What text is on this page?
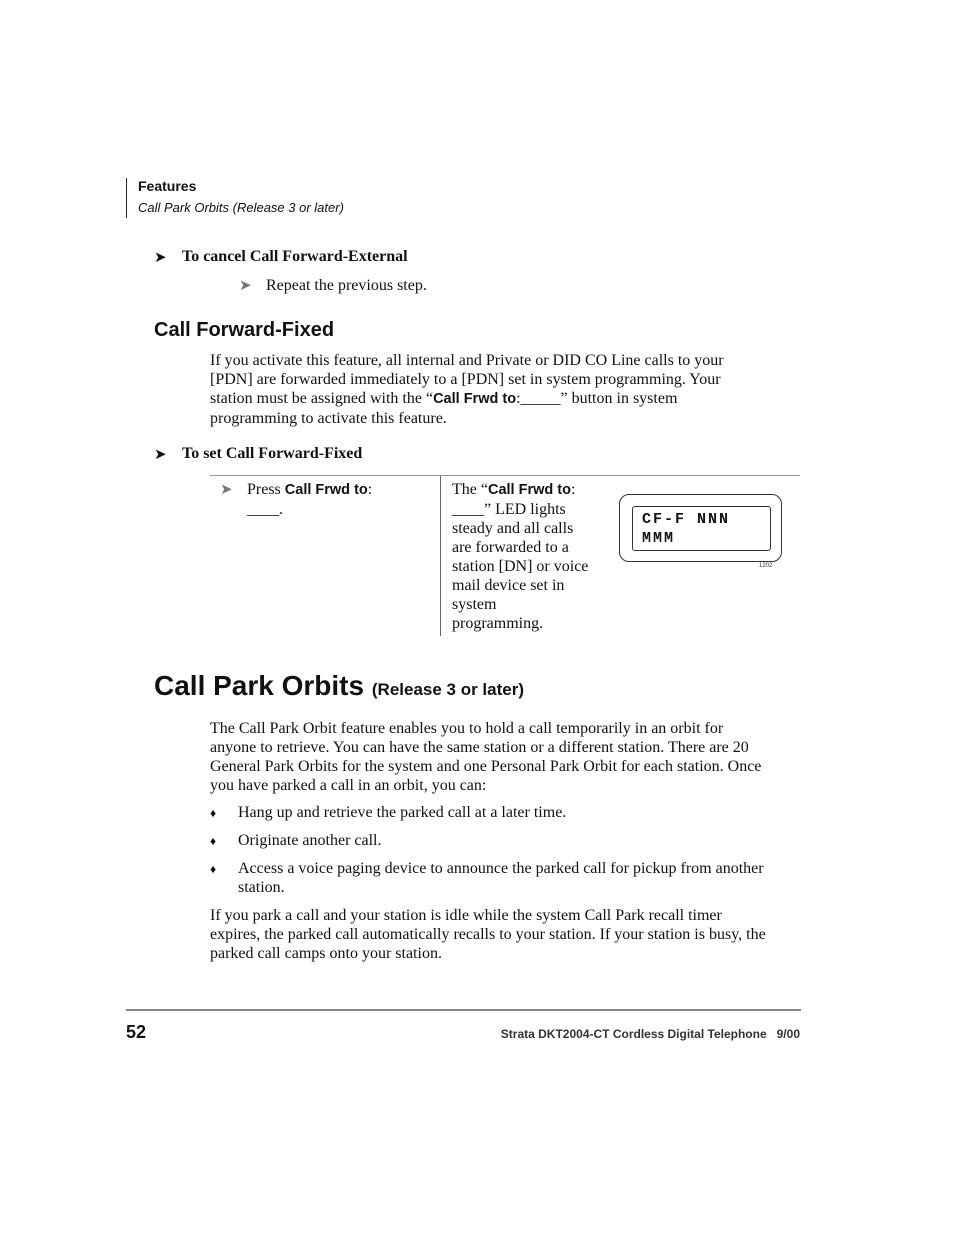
Features
Call Park Orbits (Release 3 or later)
➤ To cancel Call Forward-External
➤ Repeat the previous step.
Call Forward-Fixed
If you activate this feature, all internal and Private or DID CO Line calls to your
[PDN] are forwarded immediately to a [PDN] set in system programming. Your
station must be assigned with the “Call Frwd to:_____” button in system
programming to activate this feature.
➤ To set Call Forward-Fixed
➤ Press Call Frwd to:
____.
The “Call Frwd to:
____” LED lights
steady and all calls
are forwarded to a
station [DN] or voice
mail device set in
system
programming.
CF-F NNN
MMM
1202
Call Park Orbits (Release 3 or later)
The Call Park Orbit feature enables you to hold a call temporarily in an orbit for
anyone to retrieve. You can have the same station or a different station. There are 20
General Park Orbits for the system and one Personal Park Orbit for each station. Once
you have parked a call in an orbit, you can:
♦ Hang up and retrieve the parked call at a later time.
♦ Originate another call.
♦ Access a voice paging device to announce the parked call for pickup from another
station.
If you park a call and your station is idle while the system Call Park recall timer
expires, the parked call automatically recalls to your station. If your station is busy, the
parked call camps onto your station.
52	Strata DKT2004-CT Cordless Digital Telephone   9/00
